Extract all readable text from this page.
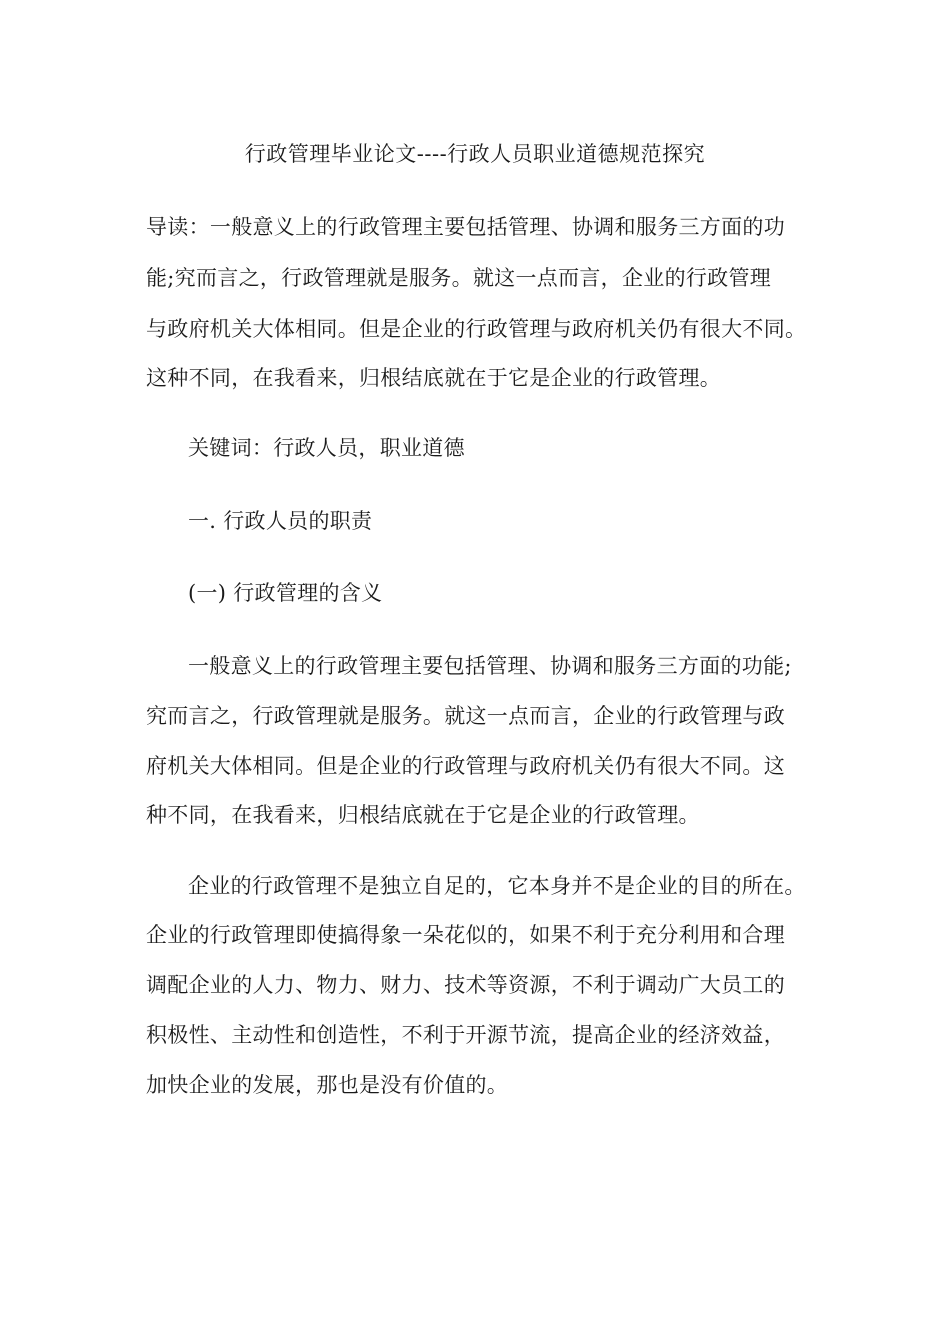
行政管理毕业论文----行政人员职业道德规范探究
导读：一般意义上的行政管理主要包括管理、协调和服务三方面的功
能;究而言之，行政管理就是服务。就这一点而言，企业的行政管理
与政府机关大体相同。但是企业的行政管理与政府机关仍有很大不同。
这种不同，在我看来，归根结底就在于它是企业的行政管理。
关键词：行政人员，职业道德
一. 行政人员的职责
(一) 行政管理的含义
一般意义上的行政管理主要包括管理、协调和服务三方面的功能;
究而言之，行政管理就是服务。就这一点而言，企业的行政管理与政
府机关大体相同。但是企业的行政管理与政府机关仍有很大不同。这
种不同，在我看来，归根结底就在于它是企业的行政管理。
企业的行政管理不是独立自足的，它本身并不是企业的目的所在。
企业的行政管理即使搞得象一朵花似的，如果不利于充分利用和合理
调配企业的人力、物力、财力、技术等资源，不利于调动广大员工的
积极性、主动性和创造性，不利于开源节流，提高企业的经济效益，
加快企业的发展，那也是没有价值的。
